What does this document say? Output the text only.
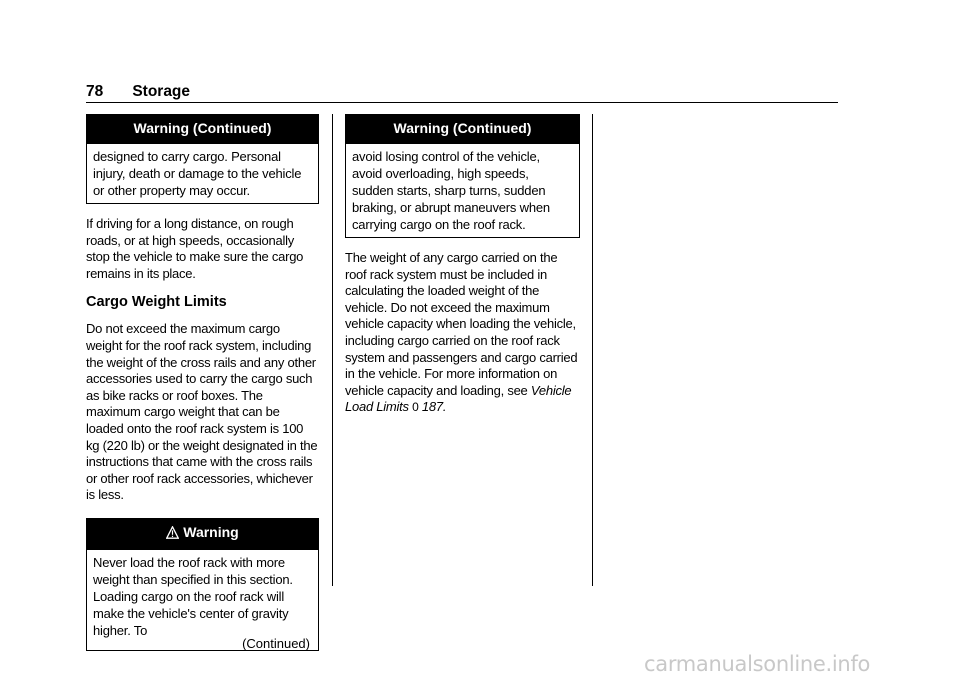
78 Storage
Warning (Continued)
designed to carry cargo. Personal injury, death or damage to the vehicle or other property may occur.

If driving for a long distance, on rough roads, or at high speeds, occasionally stop the vehicle to make sure the cargo remains in its place.

Cargo Weight Limits

Do not exceed the maximum cargo weight for the roof rack system, including the weight of the cross rails and any other accessories used to carry the cargo such as bike racks or roof boxes. The maximum cargo weight that can be loaded onto the roof rack system is 100 kg (220 lb) or the weight designated in the instructions that came with the cross rails or other roof rack accessories, whichever is less.

Warning
Never load the roof rack with more weight than specified in this section. Loading cargo on the roof rack will make the vehicle's center of gravity higher. To
(Continued)
Warning (Continued)
avoid losing control of the vehicle, avoid overloading, high speeds, sudden starts, sharp turns, sudden braking, or abrupt maneuvers when carrying cargo on the roof rack.

The weight of any cargo carried on the roof rack system must be included in calculating the loaded weight of the vehicle. Do not exceed the maximum vehicle capacity when loading the vehicle, including cargo carried on the roof rack system and passengers and cargo carried in the vehicle. For more information on vehicle capacity and loading, see Vehicle Load Limits 0 187.

carmanualsonline.info
